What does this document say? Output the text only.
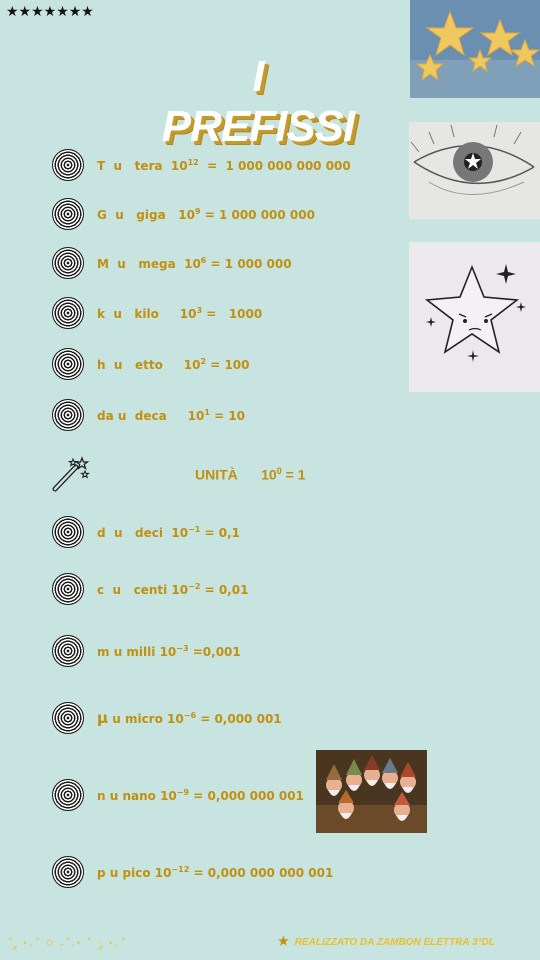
★★★★★★★
I PREFISSI
T  u   tera $10^{12} = 1$ 000 000 000 000
G  u   giga $10^9 = 1$ 000 000 000
M  u   mega $10^6 = 1$ 000 000
k  u   kilo $10^3 = 1000$
h  u   etto $10^2 = 100$
da u  deca $10^1 = 10$
UNITÀ $10^0 = 1$
d  u   deci $10^{-1} = 0,1$
c  u   centi $10^{-2} = 0,01$
m u milli $10^{-3} =0,001$
μ u micro $10^{-6} = 0,000$ 001
n u nano $10^{-9} = 0,000$ 000 001
p u pico $10^{-12} = 0,000$ 000 000 001
˚ ༘ ⋆｡˚ ✩ ₊˚.⋆ ˚ ༘ ⋆｡˚	★ REALIZZATO DA ZAMBON ELETTRA 3°DL
